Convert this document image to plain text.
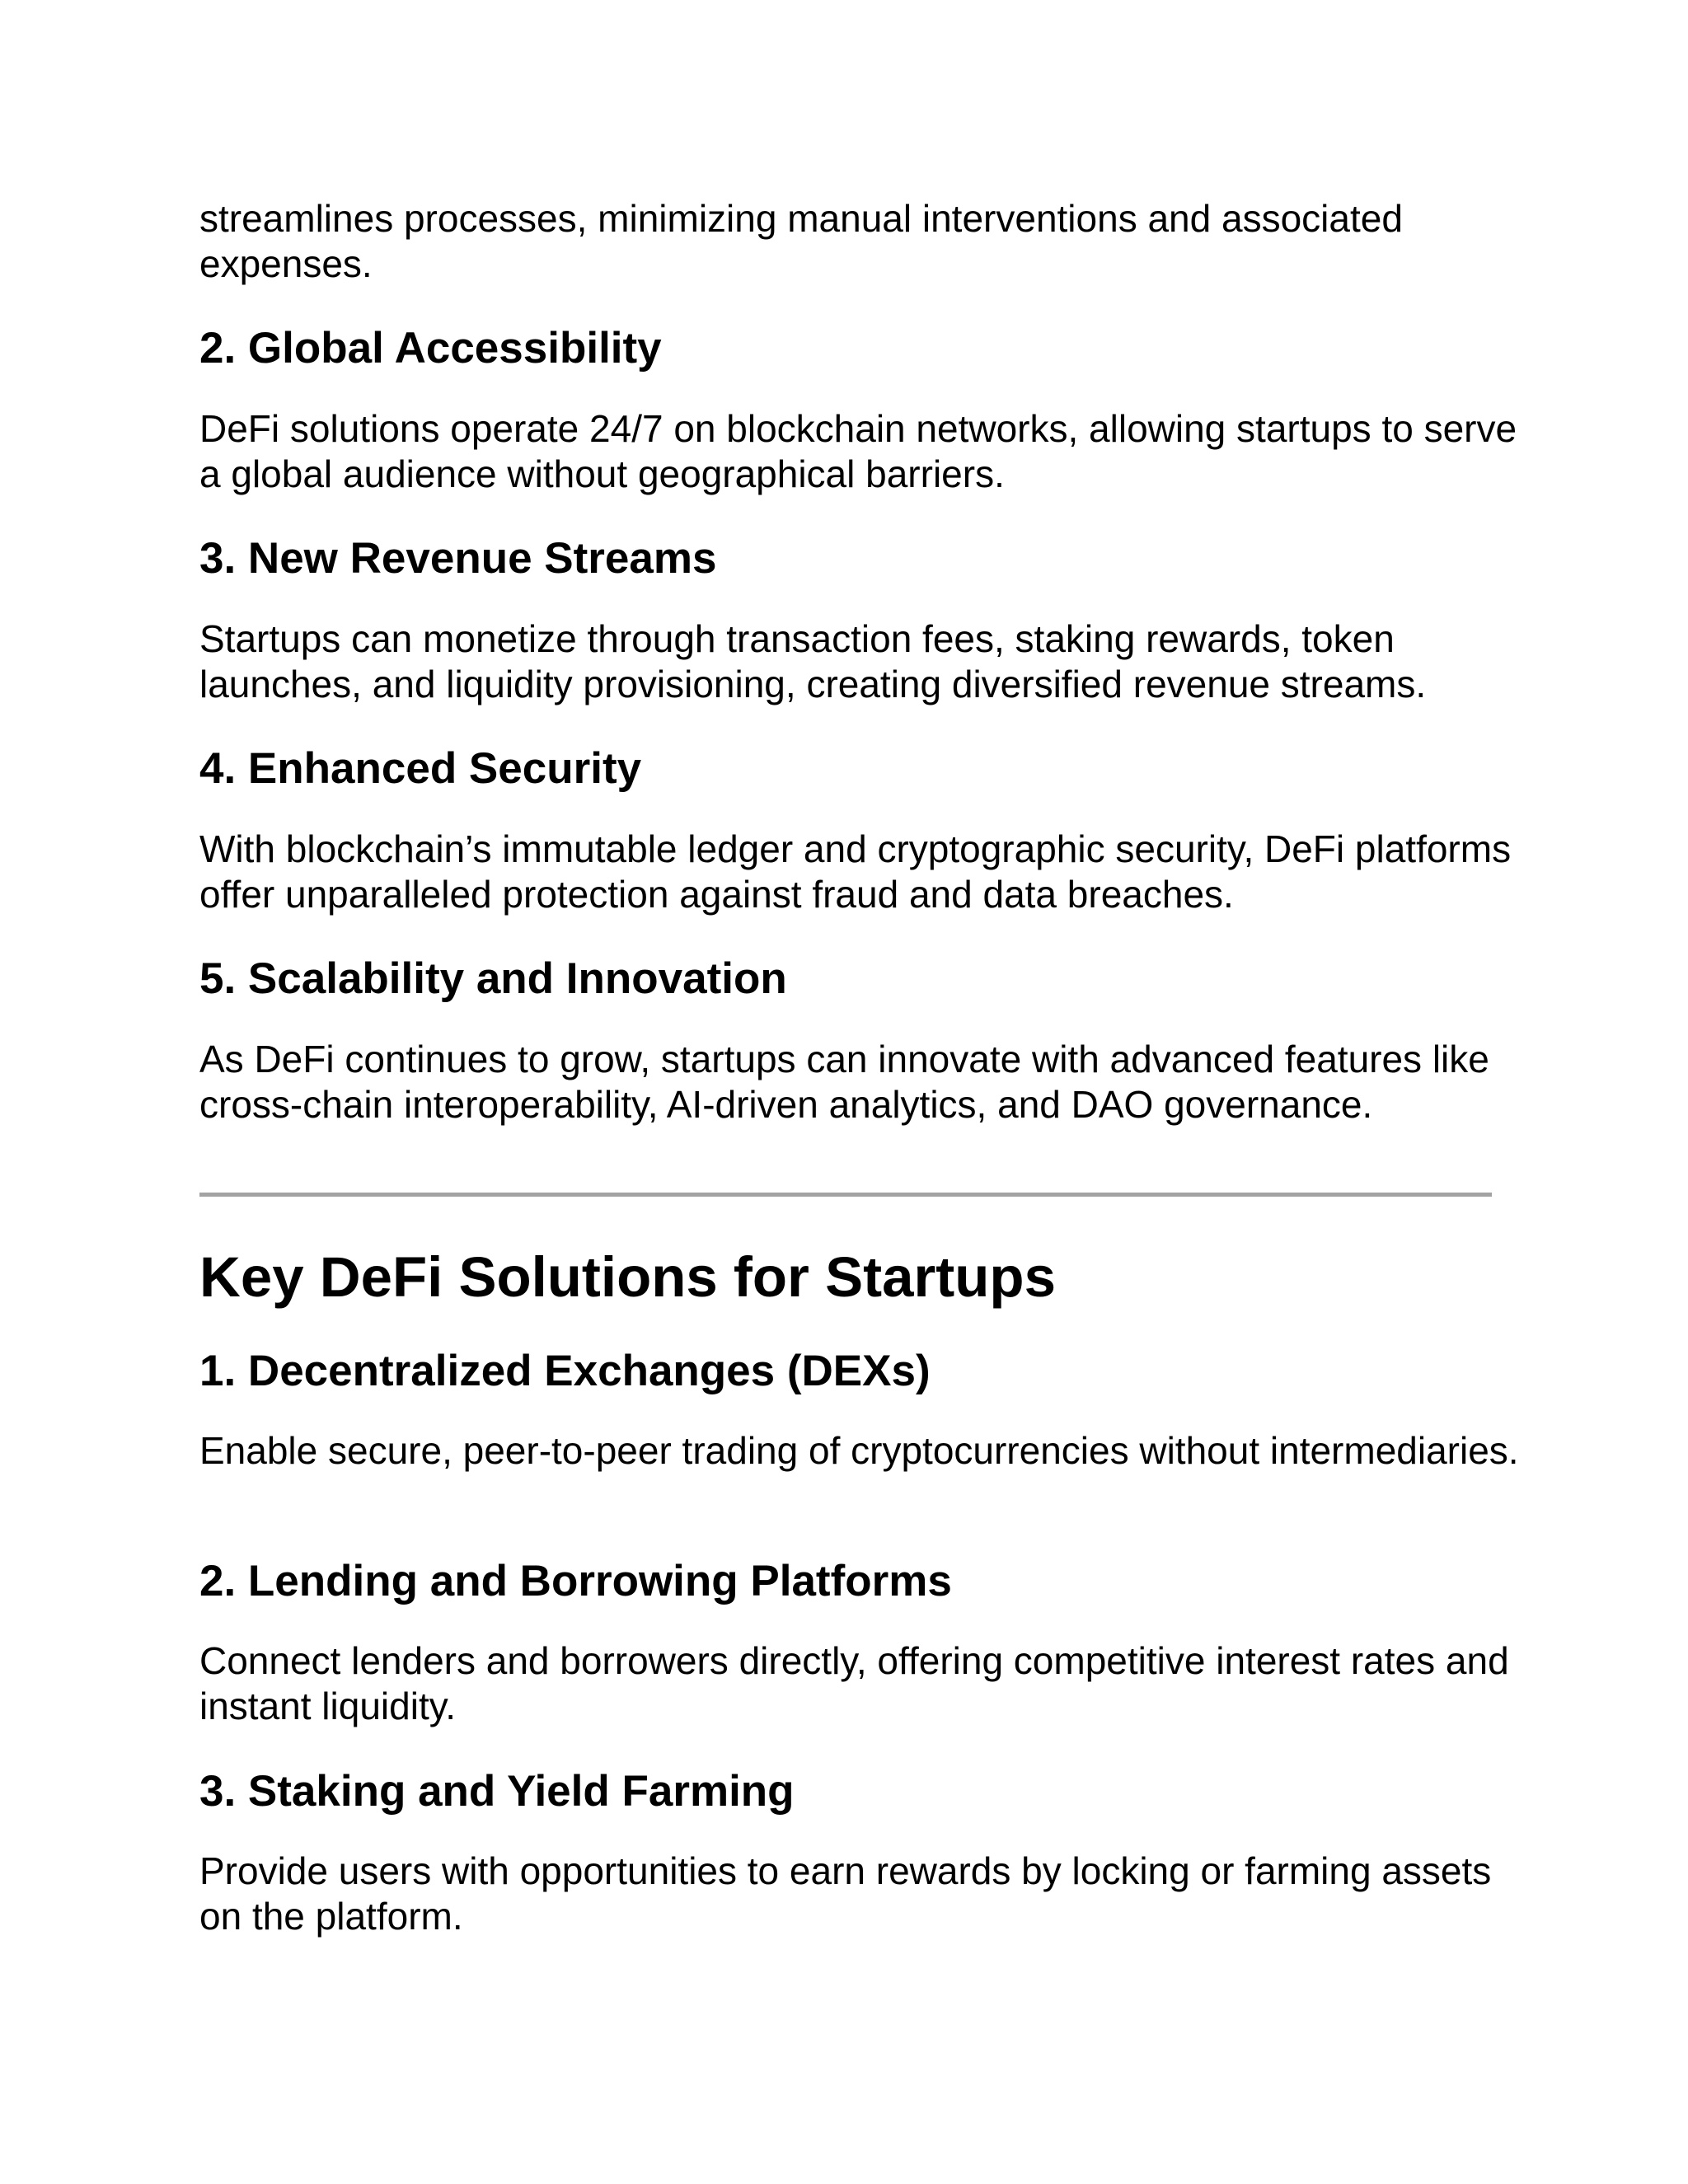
streamlines processes, minimizing manual interventions and associated expenses.

2. Global Accessibility

DeFi solutions operate 24/7 on blockchain networks, allowing startups to serve a global audience without geographical barriers.

3. New Revenue Streams

Startups can monetize through transaction fees, staking rewards, token launches, and liquidity provisioning, creating diversified revenue streams.

4. Enhanced Security

With blockchain’s immutable ledger and cryptographic security, DeFi platforms offer unparalleled protection against fraud and data breaches.

5. Scalability and Innovation

As DeFi continues to grow, startups can innovate with advanced features like cross-chain interoperability, AI-driven analytics, and DAO governance.

Key DeFi Solutions for Startups
1. Decentralized Exchanges (DEXs)

Enable secure, peer-to-peer trading of cryptocurrencies without intermediaries.

2. Lending and Borrowing Platforms

Connect lenders and borrowers directly, offering competitive interest rates and instant liquidity.

3. Staking and Yield Farming

Provide users with opportunities to earn rewards by locking or farming assets on the platform.
